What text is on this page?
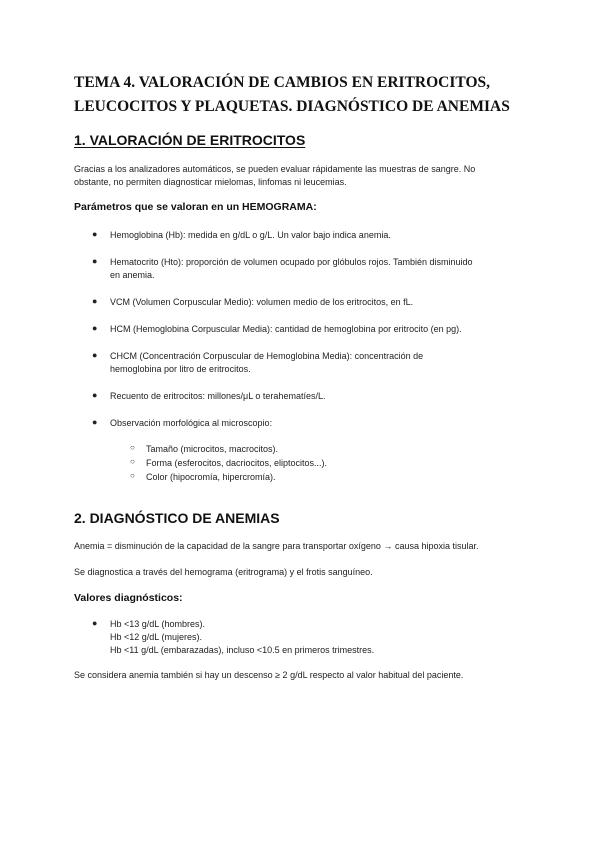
TEMA 4. VALORACIÓN DE CAMBIOS EN ERITROCITOS,
LEUCOCITOS Y PLAQUETAS. DIAGNÓSTICO DE ANEMIAS
1. VALORACIÓN DE ERITROCITOS

Gracias a los analizadores automáticos, se pueden evaluar rápidamente las muestras de sangre. No
obstante, no permiten diagnosticar mielomas, linfomas ni leucemias.

Parámetros que se valoran en un HEMOGRAMA:
● Hemoglobina (Hb): medida en g/dL o g/L. Un valor bajo indica anemia.

● Hematocrito (Hto): proporción de volumen ocupado por glóbulos rojos. También disminuido
en anemia.

● VCM (Volumen Corpuscular Medio): volumen medio de los eritrocitos, en fL.

● HCM (Hemoglobina Corpuscular Media): cantidad de hemoglobina por eritrocito (en pg).

● CHCM (Concentración Corpuscular de Hemoglobina Media): concentración de
hemoglobina por litro de eritrocitos.

● Recuento de eritrocitos: millones/μL o terahematíes/L.

● Observación morfológica al microscopio:

○ Tamaño (microcitos, macrocitos).

○ Forma (esferocitos, dacriocitos, eliptocitos...).

○ Color (hipocromía, hipercromía).

2. DIAGNÓSTICO DE ANEMIAS

Anemia = disminución de la capacidad de la sangre para transportar oxígeno → causa hipoxia tisular.

Se diagnostica a través del hemograma (eritrograma) y el frotis sanguíneo.

Valores diagnósticos:
● Hb <13 g/dL (hombres).
Hb <12 g/dL (mujeres).
Hb <11 g/dL (embarazadas), incluso <10.5 en primeros trimestres.

Se considera anemia también si hay un descenso ≥ 2 g/dL respecto al valor habitual del paciente.
